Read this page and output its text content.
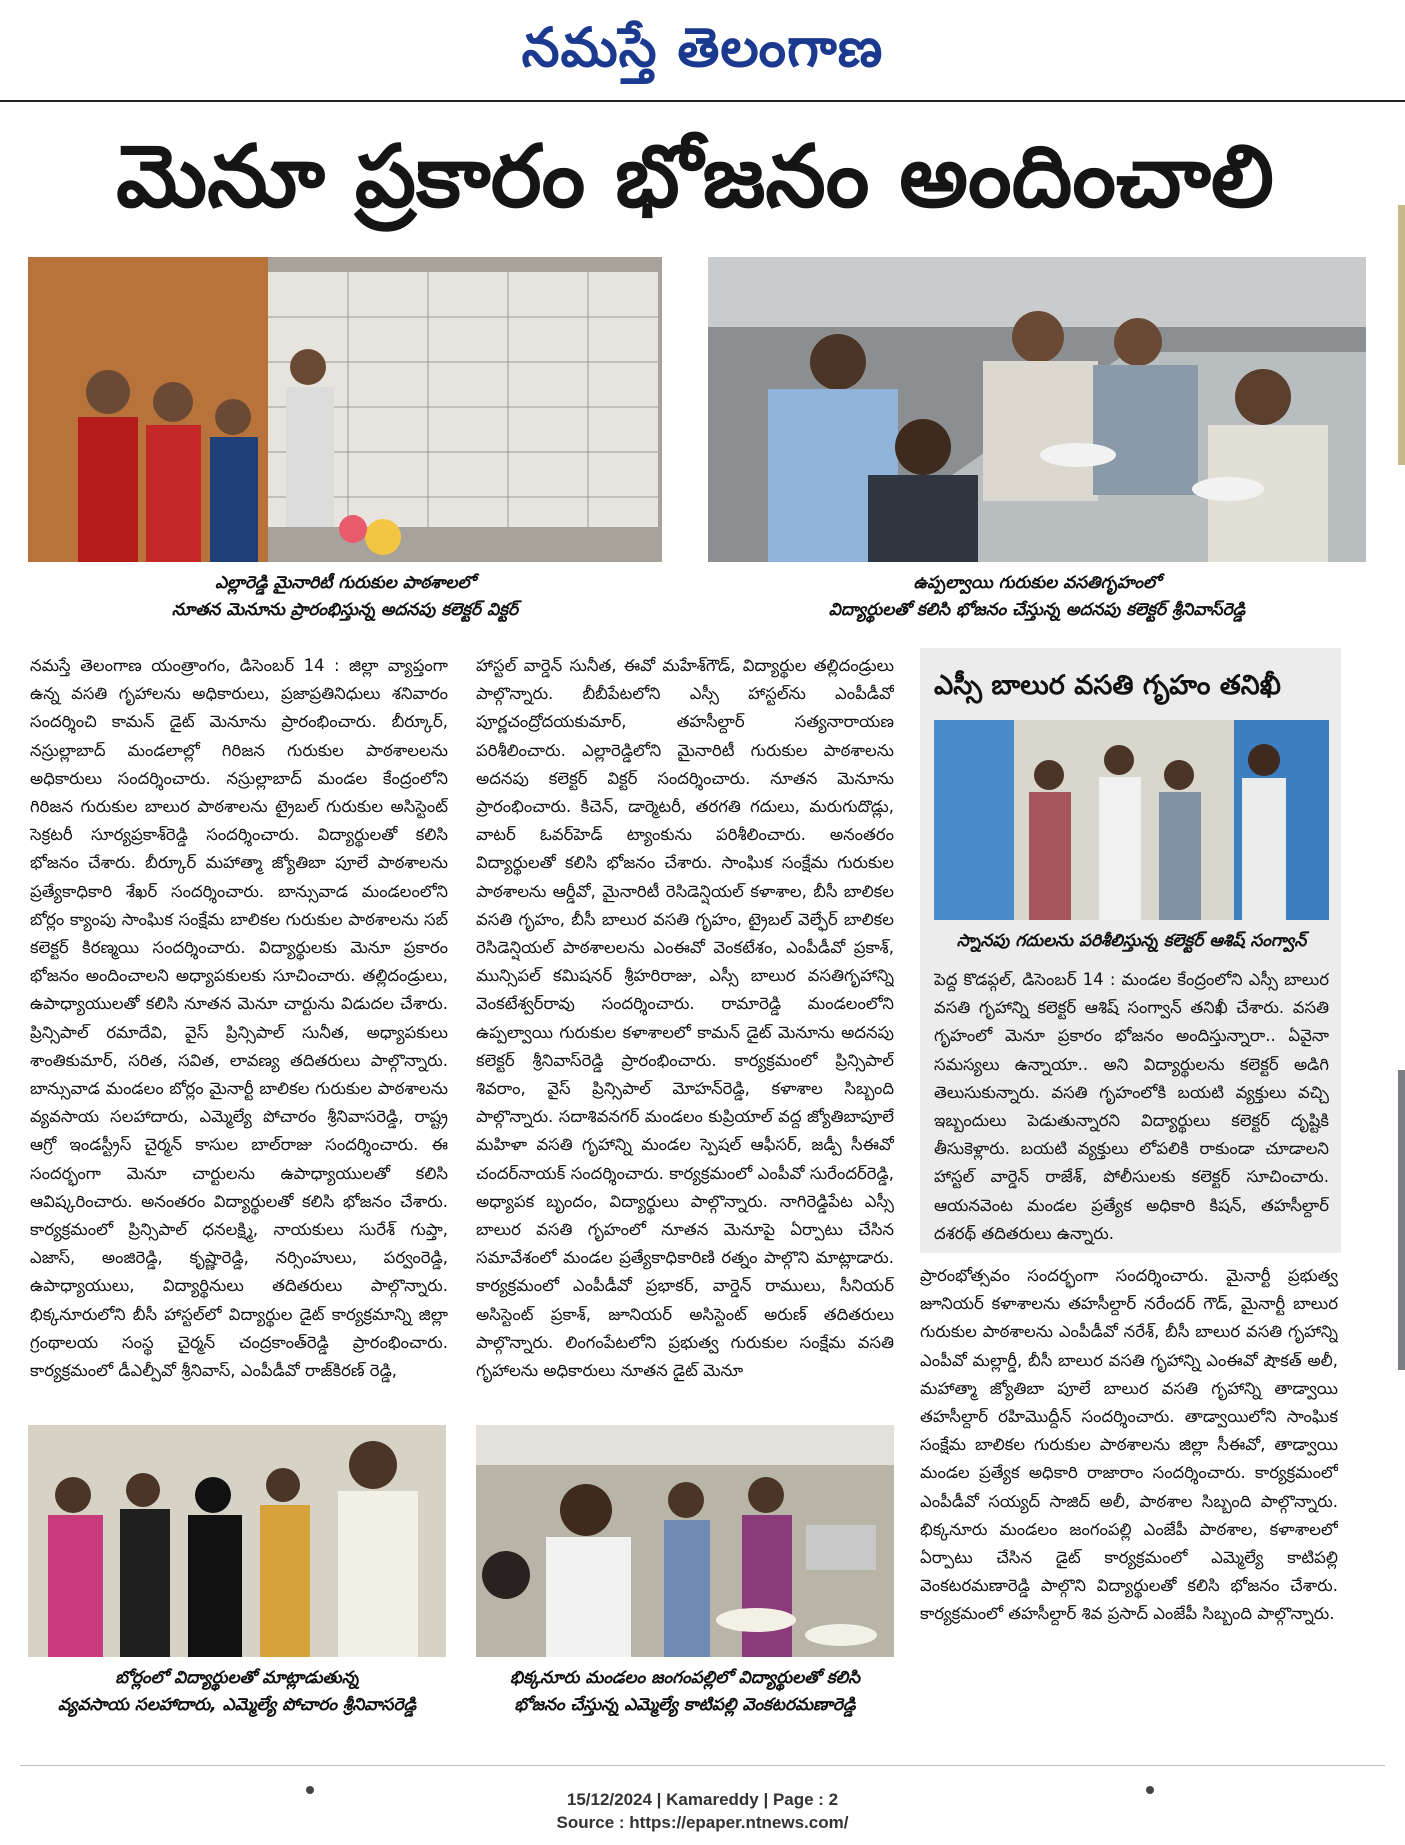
నమస్తే తెలంగాణ
మెనూ ప్రకారం భోజనం అందించాలి
ఎల్లారెడ్డి మైనారిటీ గురుకుల పాఠశాలలో
నూతన మెనూను ప్రారంభిస్తున్న అదనపు కలెక్టర్ విక్టర్
ఉప్పల్వాయి గురుకుల వసతిగృహంలో
విద్యార్థులతో కలిసి భోజనం చేస్తున్న అదనపు కలెక్టర్ శ్రీనివాస్‌రెడ్డి
నమస్తే తెలంగాణ యంత్రాంగం, డిసెంబర్ 14 : జిల్లా వ్యాప్తంగా ఉన్న వసతి గృహాలను అధికారులు, ప్రజాప్రతినిధులు శనివారం సందర్శించి కామన్ డైట్ మెనూను ప్రారంభించారు. బీర్కూర్, నస్రుల్లాబాద్ మండలాల్లో గిరిజన గురుకుల పాఠశాలలను అధికారులు సందర్శించారు. నస్రుల్లాబాద్ మండల కేంద్రంలోని గిరిజన గురుకుల బాలుర పాఠశాలను ట్రైబల్ గురుకుల అసిస్టెంట్ సెక్రటరీ సూర్యప్రకాశ్‌రెడ్డి సందర్శించారు. విద్యార్థులతో కలిసి భోజనం చేశారు. బీర్కూర్ మహాత్మా జ్యోతిబా పూలే పాఠశాలను ప్రత్యేకాధికారి శేఖర్ సందర్శించారు. బాన్సువాడ మండలంలోని బోర్లం క్యాంపు సాంఘిక సంక్షేమ బాలికల గురుకుల పాఠశాలను సబ్ కలెక్టర్ కిరణ్మయి సందర్శించారు. విద్యార్థులకు మెనూ ప్రకారం భోజనం అందించాలని అధ్యాపకులకు సూచించారు. తల్లిదండ్రులు, ఉపాధ్యాయులతో కలిసి నూతన మెనూ చార్టును విడుదల చేశారు. ప్రిన్సిపాల్ రమాదేవి, వైస్ ప్రిన్సిపాల్ సునీత, అధ్యాపకులు శాంతికుమార్, సరిత, సవిత, లావణ్య తదితరులు పాల్గొన్నారు. బాన్సువాడ మండలం బోర్లం మైనార్టీ బాలికల గురుకుల పాఠశాలను వ్యవసాయ సలహాదారు, ఎమ్మెల్యే పోచారం శ్రీనివాసరెడ్డి, రాష్ట్ర ఆగ్రో ఇండస్ట్రీస్ చైర్మన్ కాసుల బాల్‌రాజు సందర్శించారు. ఈ సందర్భంగా మెనూ చార్టులను ఉపాధ్యాయులతో కలిసి ఆవిష్కరించారు. అనంతరం విద్యార్థులతో కలిసి భోజనం చేశారు. కార్యక్రమంలో ప్రిన్సిపాల్ ధనలక్ష్మి, నాయకులు సురేశ్ గుప్తా, ఎజాస్, అంజిరెడ్డి, కృష్ణారెడ్డి, నర్సింహులు, పర్వంరెడ్డి, ఉపాధ్యాయులు, విద్యార్థినులు తదితరులు పాల్గొన్నారు. భిక్కనూరులోని బీసీ హాస్టల్‌లో విద్యార్థుల డైట్ కార్యక్రమాన్ని జిల్లా గ్రంథాలయ సంస్థ చైర్మన్ చంద్రకాంత్‌రెడ్డి ప్రారంభించారు. కార్యక్రమంలో డీఎల్పీవో శ్రీనివాస్, ఎంపీడీవో రాజ్‌కిరణ్ రెడ్డి,
హాస్టల్ వార్డెన్ సునీత, ఈవో మహేశ్‌గౌడ్, విద్యార్థుల తల్లిదండ్రులు పాల్గొన్నారు. బీబీపేటలోని ఎస్సీ హాస్టల్‌ను ఎంపీడీవో పూర్ణచంద్రోదయకుమార్, తహసీల్దార్ సత్యనారాయణ పరిశీలించారు. ఎల్లారెడ్డిలోని మైనారిటీ గురుకుల పాఠశాలను అదనపు కలెక్టర్ విక్టర్ సందర్శించారు. నూతన మెనూను ప్రారంభించారు. కిచెన్, డార్మెటరీ, తరగతి గదులు, మరుగుదొడ్లు, వాటర్ ఓవర్‌హెడ్ ట్యాంకును పరిశీలించారు. అనంతరం విద్యార్థులతో కలిసి భోజనం చేశారు. సాంఘిక సంక్షేమ గురుకుల పాఠశాలను ఆర్డీవో, మైనారిటీ రెసిడెన్షియల్ కళాశాల, బీసీ బాలికల వసతి గృహం, బీసీ బాలుర వసతి గృహం, ట్రైబల్ వెల్ఫేర్ బాలికల రెసిడెన్షియల్ పాఠశాలలను ఎంఈవో వెంకటేశం, ఎంపీడీవో ప్రకాశ్, మున్సిపల్ కమిషనర్ శ్రీహరిరాజు, ఎస్సీ బాలుర వసతిగృహాన్ని వెంకటేశ్వర్‌రావు సందర్శించారు. రామారెడ్డి మండలంలోని ఉప్పల్వాయి గురుకుల కళాశాలలో కామన్ డైట్ మెనూను అదనపు కలెక్టర్ శ్రీనివాస్‌రెడ్డి ప్రారంభించారు. కార్యక్రమంలో ప్రిన్సిపాల్ శివరాం, వైస్ ప్రిన్సిపాల్ మోహన్‌రెడ్డి, కళాశాల సిబ్బంది పాల్గొన్నారు. సదాశివనగర్ మండలం కుప్రియాల్ వద్ద జ్యోతిబాపూలే మహిళా వసతి గృహాన్ని మండల స్పెషల్ ఆఫీసర్, జడ్పీ సీఈవో చందర్‌నాయక్ సందర్శించారు. కార్యక్రమంలో ఎంపీవో సురేందర్‌రెడ్డి, అధ్యాపక బృందం, విద్యార్థులు పాల్గొన్నారు. నాగిరెడ్డిపేట ఎస్సీ బాలుర వసతి గృహంలో నూతన మెనూపై ఏర్పాటు చేసిన సమావేశంలో మండల ప్రత్యేకాధికారిణి రత్నం పాల్గొని మాట్లాడారు. కార్యక్రమంలో ఎంపీడీవో ప్రభాకర్, వార్డెన్ రాములు, సీనియర్ అసిస్టెంట్ ప్రకాశ్, జూనియర్ అసిస్టెంట్ అరుణ్ తదితరులు పాల్గొన్నారు. లింగంపేటలోని ప్రభుత్వ గురుకుల సంక్షేమ వసతి గృహాలను అధికారులు నూతన డైట్ మెనూ
ప్రారంభోత్సవం సందర్భంగా సందర్శించారు. మైనార్టీ ప్రభుత్వ జూనియర్ కళాశాలను తహసీల్దార్ నరేందర్ గౌడ్, మైనార్టీ బాలుర గురుకుల పాఠశాలను ఎంపీడీవో నరేశ్, బీసీ బాలుర వసతి గృహాన్ని ఎంపీవో మల్లార్డీ, బీసీ బాలుర వసతి గృహాన్ని ఎంఈవో షౌకత్ అలీ, మహాత్మా జ్యోతిబా పూలే బాలుర వసతి గృహాన్ని తాడ్వాయి తహసీల్దార్ రహిమొద్దీన్ సందర్శించారు. తాడ్వాయిలోని సాంఘిక సంక్షేమ బాలికల గురుకుల పాఠశాలను జిల్లా సీఈవో, తాడ్వాయి మండల ప్రత్యేక అధికారి రాజారాం సందర్శించారు. కార్యక్రమంలో ఎంపీడీవో సయ్యద్ సాజిద్ అలీ, పాఠశాల సిబ్బంది పాల్గొన్నారు. భిక్కనూరు మండలం జంగంపల్లి ఎంజేపీ పాఠశాల, కళాశాలలో ఏర్పాటు చేసిన డైట్ కార్యక్రమంలో ఎమ్మెల్యే కాటిపల్లి వెంకటరమణారెడ్డి పాల్గొని విద్యార్థులతో కలిసి భోజనం చేశారు. కార్యక్రమంలో తహసీల్దార్ శివ ప్రసాద్ ఎంజేపీ సిబ్బంది పాల్గొన్నారు.
ఎస్సీ బాలుర వసతి గృహం తనిఖీ
స్నానపు గదులను పరిశీలిస్తున్న కలెక్టర్ ఆశిష్ సంగ్వాన్
పెద్ద కొడప్గల్, డిసెంబర్ 14 : మండల కేంద్రంలోని ఎస్సీ బాలుర వసతి గృహాన్ని కలెక్టర్ ఆశిష్ సంగ్వాన్ తనిఖీ చేశారు. వసతి గృహంలో మెనూ ప్రకారం భోజనం అందిస్తున్నారా.. ఏవైనా సమస్యలు ఉన్నాయా.. అని విద్యార్థులను కలెక్టర్ అడిగి తెలుసుకున్నారు. వసతి గృహంలోకి బయటి వ్యక్తులు వచ్చి ఇబ్బందులు పెడుతున్నారని విద్యార్థులు కలెక్టర్ దృష్టికి తీసుకెళ్లారు. బయటి వ్యక్తులు లోపలికి రాకుండా చూడాలని హాస్టల్ వార్డెన్ రాజేశ్, పోలీసులకు కలెక్టర్ సూచించారు. ఆయనవెంట మండల ప్రత్యేక అధికారి కిషన్, తహసీల్దార్ దశరథ్ తదితరులు ఉన్నారు.
బోర్లంలో విద్యార్థులతో మాట్లాడుతున్న
వ్యవసాయ సలహాదారు, ఎమ్మెల్యే పోచారం శ్రీనివాసరెడ్డి
భిక్కనూరు మండలం జంగంపల్లిలో విద్యార్థులతో కలిసి
భోజనం చేస్తున్న ఎమ్మెల్యే కాటిపల్లి వెంకటరమణారెడ్డి
15/12/2024 | Kamareddy | Page : 2
Source : https://epaper.ntnews.com/
